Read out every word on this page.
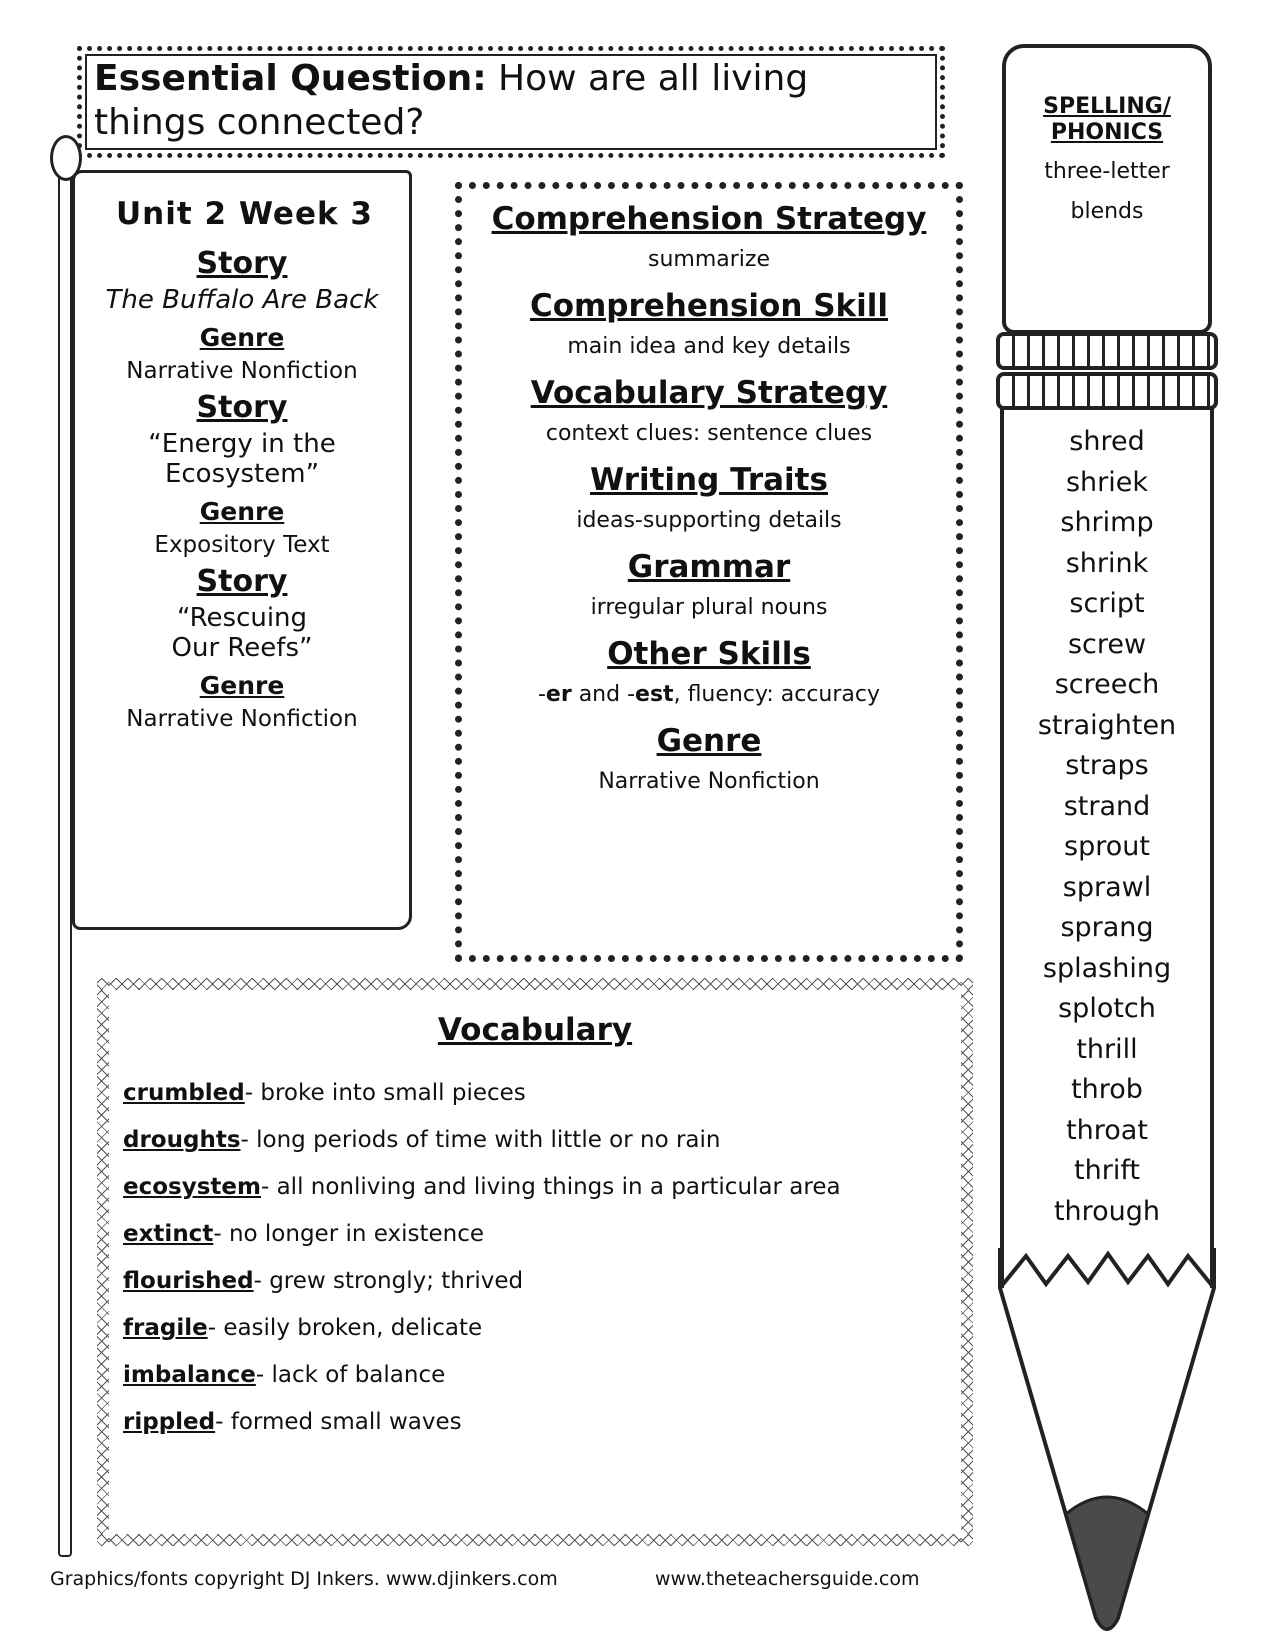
Essential Question: How are all living things connected?
Unit 2 Week 3
Story
The Buffalo Are Back
Genre
Narrative Nonfiction
Story
“Energy in the Ecosystem”
Genre
Expository Text
Story
“Rescuing Our Reefs”
Genre
Narrative Nonfiction
Comprehension Strategy
summarize
Comprehension Skill
main idea and key details
Vocabulary Strategy
context clues: sentence clues
Writing Traits
ideas-supporting details
Grammar
irregular plural nouns
Other Skills
-er and -est, fluency: accuracy
Genre
Narrative Nonfiction
Vocabulary
crumbled- broke into small pieces
droughts- long periods of time with little or no rain
ecosystem- all nonliving and living things in a particular area
extinct- no longer in existence
flourished- grew strongly; thrived
fragile- easily broken, delicate
imbalance- lack of balance
rippled- formed small waves
SPELLING/
PHONICS
three-letter
blends
shred
shriek
shrimp
shrink
script
screw
screech
straighten
straps
strand
sprout
sprawl
sprang
splashing
splotch
thrill
throb
throat
thrift
through
Graphics/fonts copyright DJ Inkers. www.djinkers.com	www.theteachersguide.com
